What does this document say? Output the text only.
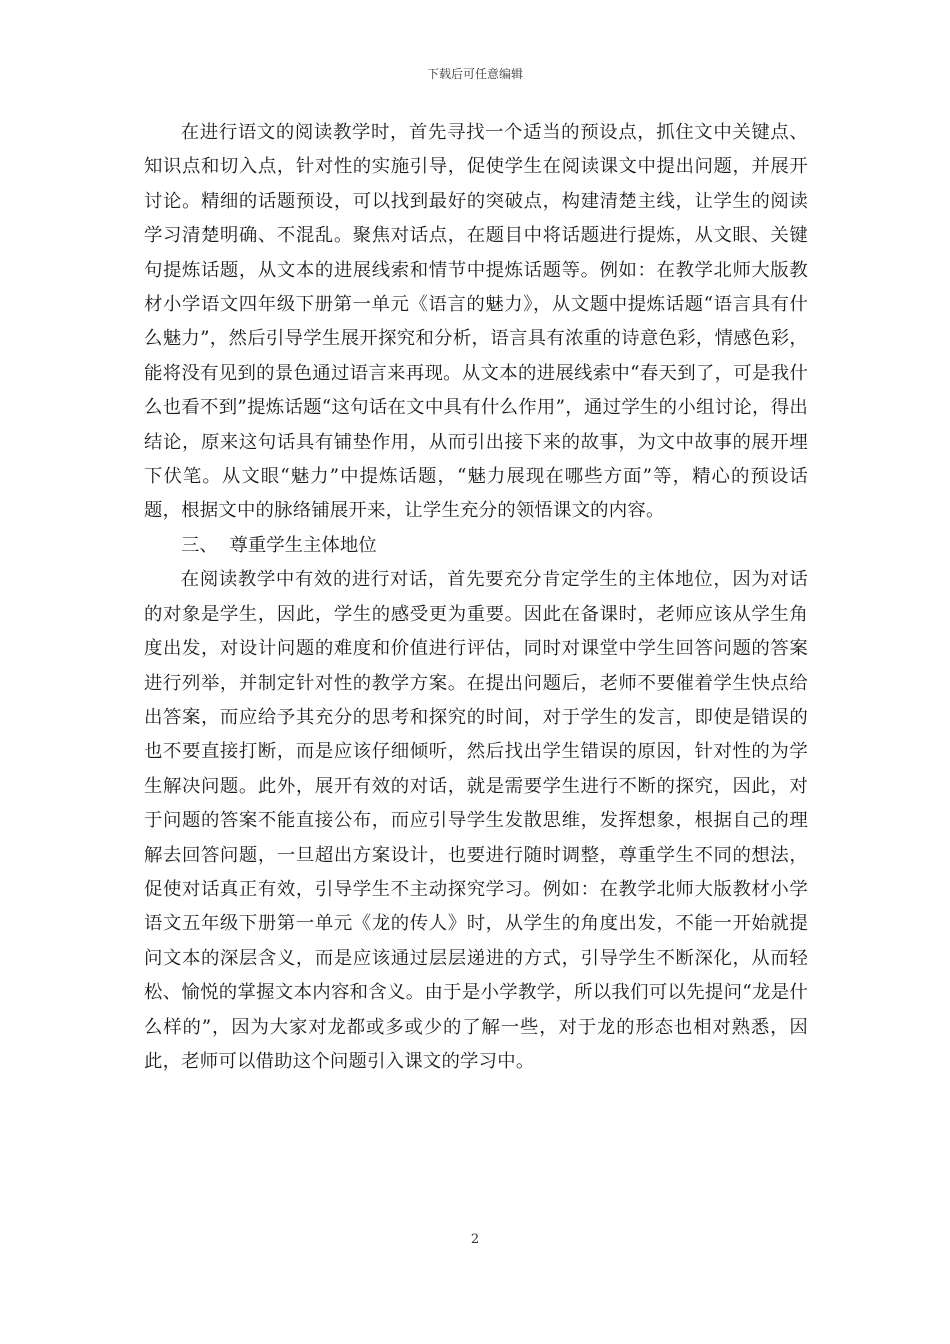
下载后可任意编辑

在进行语文的阅读教学时，首先寻找一个适当的预设点，抓住文中关键点、知识点和切入点，针对性的实施引导，促使学生在阅读课文中提出问题，并展开讨论。精细的话题预设，可以找到最好的突破点，构建清楚主线，让学生的阅读学习清楚明确、不混乱。聚焦对话点，在题目中将话题进行提炼，从文眼、关键句提炼话题，从文本的进展线索和情节中提炼话题等。例如：在教学北师大版教材小学语文四年级下册第一单元《语言的魅力》，从文题中提炼话题“语言具有什么魅力”，然后引导学生展开探究和分析，语言具有浓重的诗意色彩，情感色彩，能将没有见到的景色通过语言来再现。从文本的进展线索中“春天到了，可是我什么也看不到”提炼话题“这句话在文中具有什么作用”，通过学生的小组讨论，得出结论，原来这句话具有铺垫作用，从而引出接下来的故事，为文中故事的展开埋下伏笔。从文眼“魅力”中提炼话题，“魅力展现在哪些方面”等，精心的预设话题，根据文中的脉络铺展开来，让学生充分的领悟课文的内容。

三、  尊重学生主体地位

在阅读教学中有效的进行对话，首先要充分肯定学生的主体地位，因为对话的对象是学生，因此，学生的感受更为重要。因此在备课时，老师应该从学生角度出发，对设计问题的难度和价值进行评估，同时对课堂中学生回答问题的答案进行列举，并制定针对性的教学方案。在提出问题后，老师不要催着学生快点给出答案，而应给予其充分的思考和探究的时间，对于学生的发言，即使是错误的也不要直接打断，而是应该仔细倾听，然后找出学生错误的原因，针对性的为学生解决问题。此外，展开有效的对话，就是需要学生进行不断的探究，因此，对于问题的答案不能直接公布，而应引导学生发散思维，发挥想象，根据自己的理解去回答问题，一旦超出方案设计，也要进行随时调整，尊重学生不同的想法，促使对话真正有效，引导学生不主动探究学习。例如：在教学北师大版教材小学语文五年级下册第一单元《龙的传人》时，从学生的角度出发，不能一开始就提问文本的深层含义，而是应该通过层层递进的方式，引导学生不断深化，从而轻松、愉悦的掌握文本内容和含义。由于是小学教学，所以我们可以先提问“龙是什么样的”，因为大家对龙都或多或少的了解一些，对于龙的形态也相对熟悉，因此，老师可以借助这个问题引入课文的学习中。

2
